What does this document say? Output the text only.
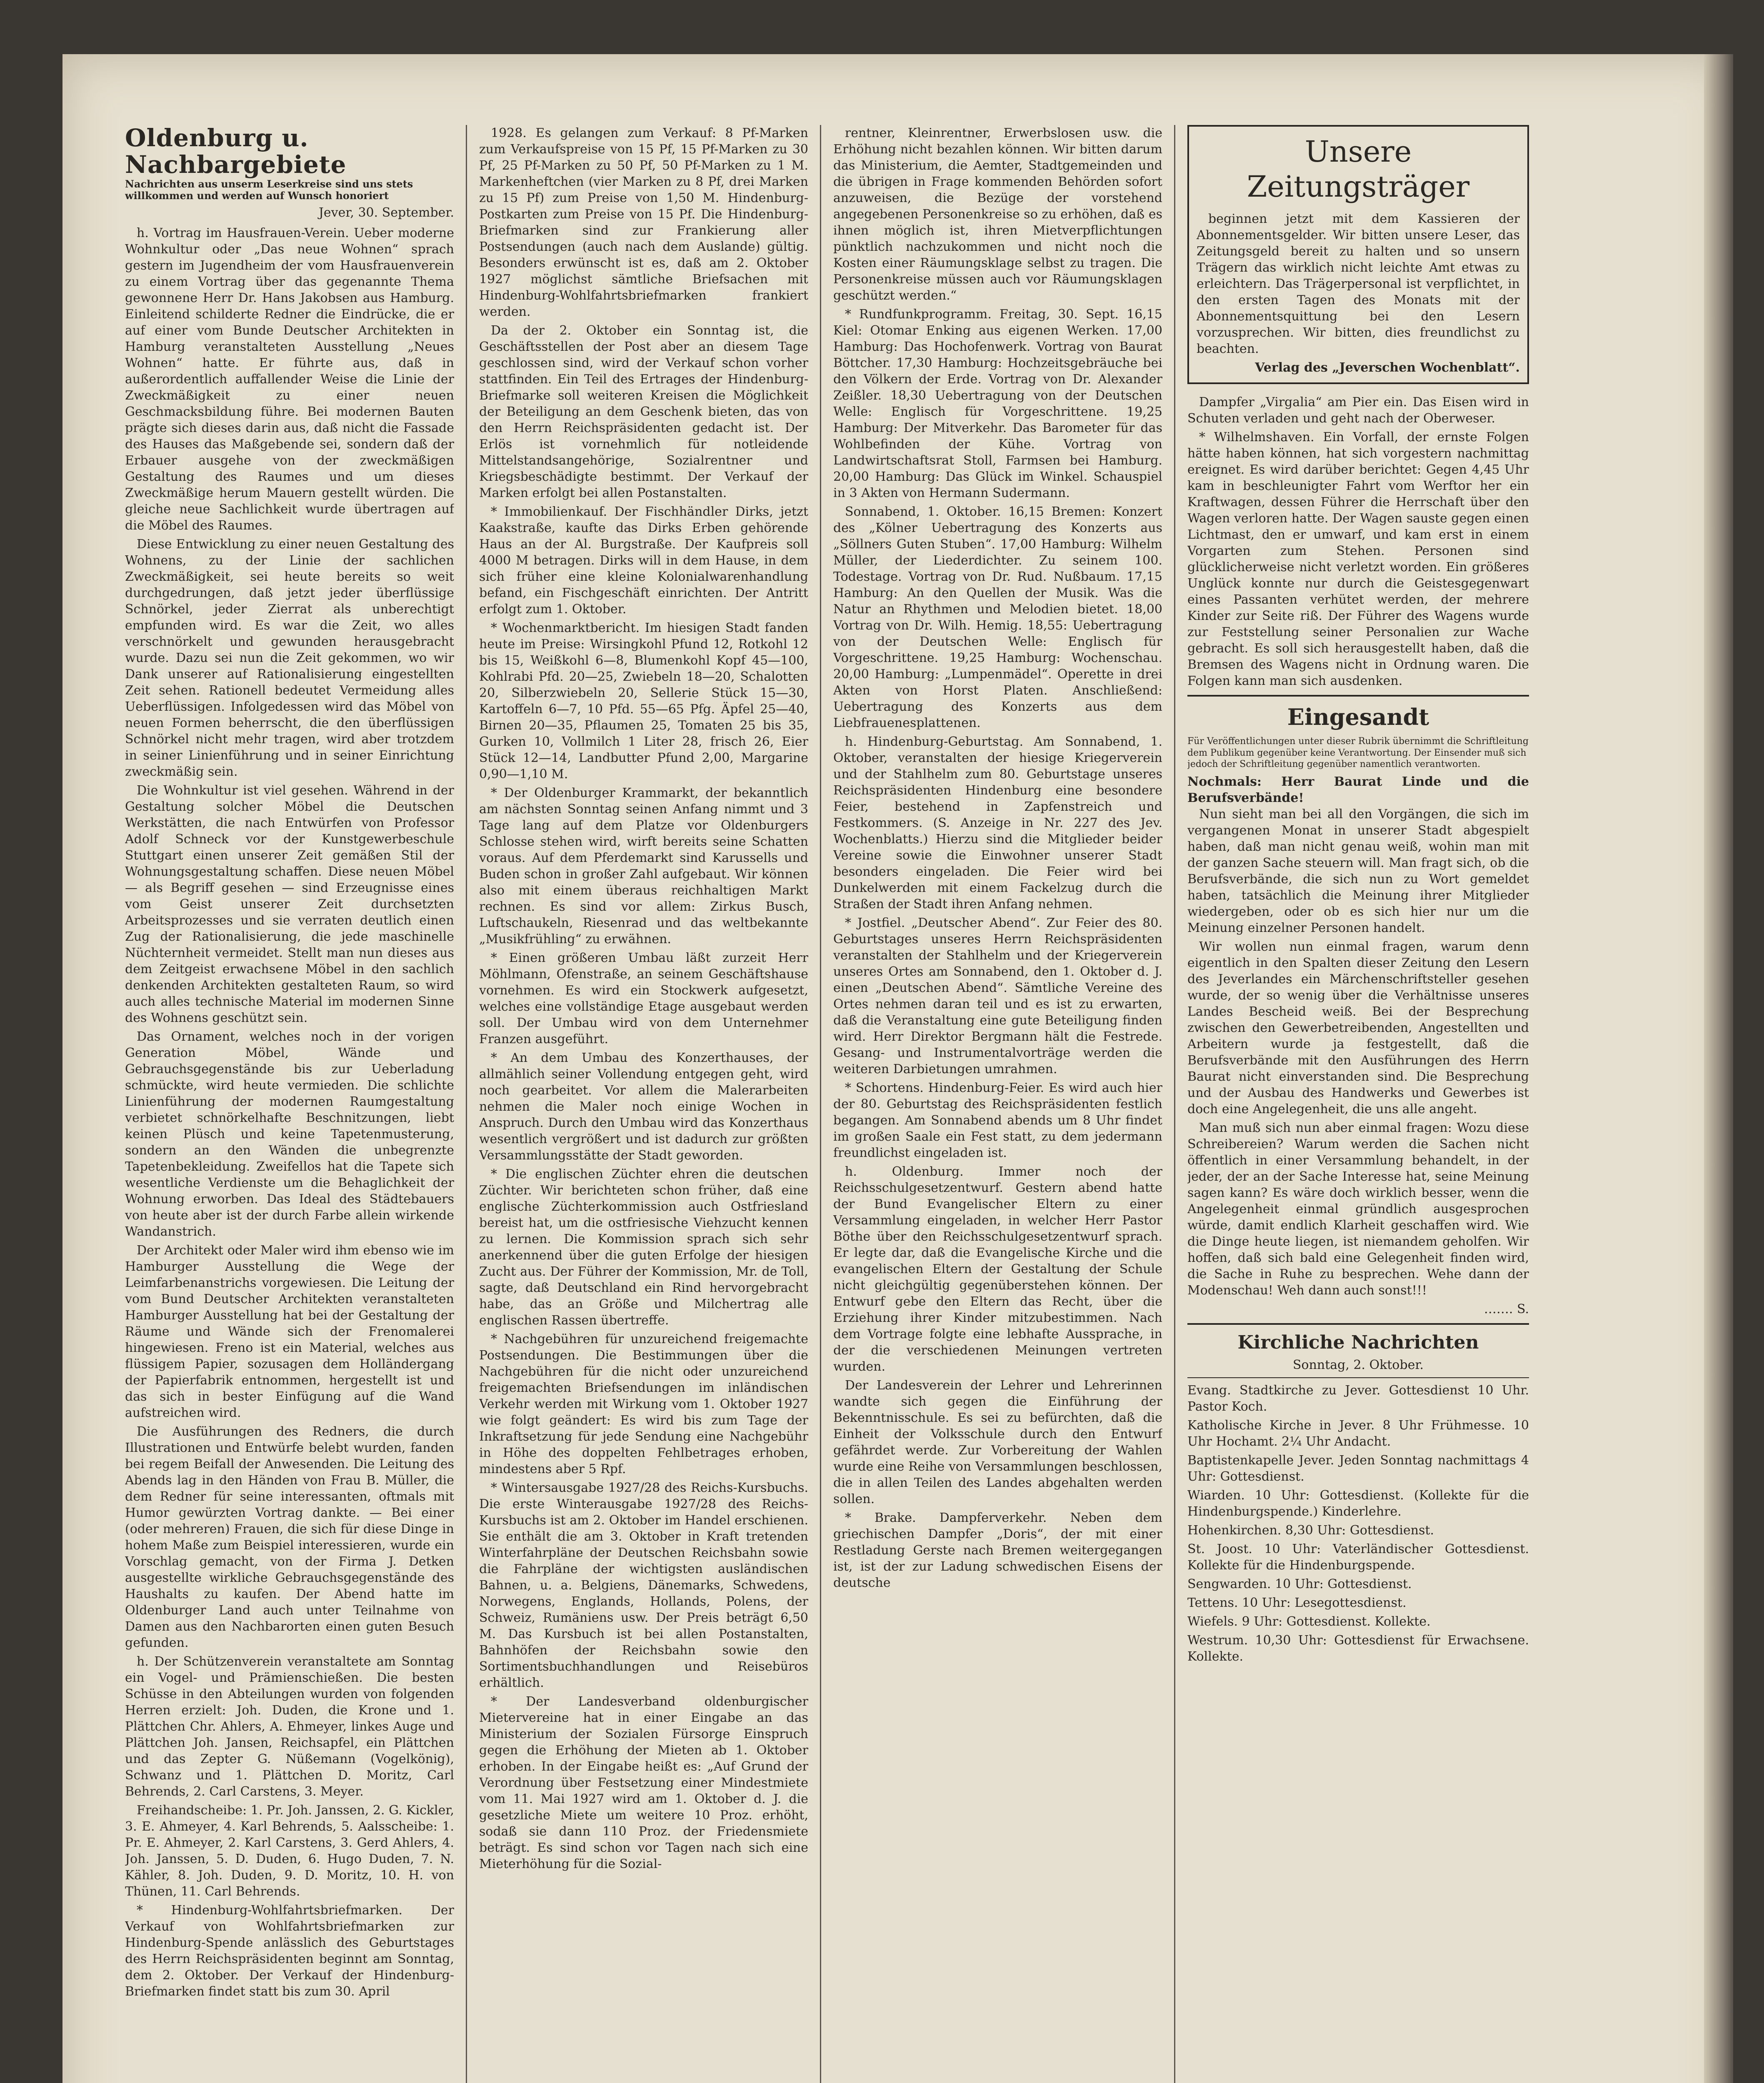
Oldenburg u. Nachbargebiete
Nachrichten aus unserm Leserkreise sind uns stets willkommen und werden auf Wunsch honoriert
Jever, 30. September.

h. Vortrag im Hausfrauen-Verein. Ueber moderne Wohnkultur oder „Das neue Wohnen“ sprach gestern im Jugendheim der vom Hausfrauenverein zu einem Vortrag über das gegenannte Thema gewonnene Herr Dr. Hans Jakobsen aus Hamburg. Einleitend schilderte Redner die Eindrücke, die er auf einer vom Bunde Deutscher Architekten in Hamburg veranstalteten Ausstellung „Neues Wohnen“ hatte. Er führte aus, daß in außerordentlich auffallender Weise die Linie der Zweckmäßigkeit zu einer neuen Geschmacksbildung führe. Bei modernen Bauten prägte sich dieses darin aus, daß nicht die Fassade des Hauses das Maßgebende sei, sondern daß der Erbauer ausgehe von der zweckmäßigen Gestaltung des Raumes und um dieses Zweckmäßige herum Mauern gestellt würden. Die gleiche neue Sachlichkeit wurde übertragen auf die Möbel des Raumes.

Diese Entwicklung zu einer neuen Gestaltung des Wohnens, zu der Linie der sachlichen Zweckmäßigkeit, sei heute bereits so weit durchgedrungen, daß jetzt jeder überflüssige Schnörkel, jeder Zierrat als unberechtigt empfunden wird. Es war die Zeit, wo alles verschnörkelt und gewunden herausgebracht wurde. Dazu sei nun die Zeit gekommen, wo wir Dank unserer auf Rationalisierung eingestellten Zeit sehen. Rationell bedeutet Vermeidung alles Ueberflüssigen. Infolgedessen wird das Möbel von neuen Formen beherrscht, die den überflüssigen Schnörkel nicht mehr tragen, wird aber trotzdem in seiner Linienführung und in seiner Einrichtung zweckmäßig sein.

Die Wohnkultur ist viel gesehen. Während in der Gestaltung solcher Möbel die Deutschen Werkstätten, die nach Entwürfen von Professor Adolf Schneck vor der Kunstgewerbeschule Stuttgart einen unserer Zeit gemäßen Stil der Wohnungsgestaltung schaffen. Diese neuen Möbel — als Begriff gesehen — sind Erzeugnisse eines vom Geist unserer Zeit durchsetzten Arbeitsprozesses und sie verraten deutlich einen Zug der Rationalisierung, die jede maschinelle Nüchternheit vermeidet. Stellt man nun dieses aus dem Zeitgeist erwachsene Möbel in den sachlich denkenden Architekten gestalteten Raum, so wird auch alles technische Material im modernen Sinne des Wohnens geschützt sein.

Das Ornament, welches noch in der vorigen Generation Möbel, Wände und Gebrauchsgegenstände bis zur Ueberladung schmückte, wird heute vermieden. Die schlichte Linienführung der modernen Raumgestaltung verbietet schnörkelhafte Beschnitzungen, liebt keinen Plüsch und keine Tapetenmusterung, sondern an den Wänden die unbegrenzte Tapetenbekleidung. Zweifellos hat die Tapete sich wesentliche Verdienste um die Behaglichkeit der Wohnung erworben. Das Ideal des Städtebauers von heute aber ist der durch Farbe allein wirkende Wandanstrich.

Der Architekt oder Maler wird ihm ebenso wie im Hamburger Ausstellung die Wege der Leimfarbenanstrichs vorgewiesen. Die Leitung der vom Bund Deutscher Architekten veranstalteten Hamburger Ausstellung hat bei der Gestaltung der Räume und Wände sich der Frenomalerei hingewiesen. Freno ist ein Material, welches aus flüssigem Papier, sozusagen dem Holländergang der Papierfabrik entnommen, hergestellt ist und das sich in bester Einfügung auf die Wand aufstreichen wird.

Die Ausführungen des Redners, die durch Illustrationen und Entwürfe belebt wurden, fanden bei regem Beifall der Anwesenden. Die Leitung des Abends lag in den Händen von Frau B. Müller, die dem Redner für seine interessanten, oftmals mit Humor gewürzten Vortrag dankte. — Bei einer (oder mehreren) Frauen, die sich für diese Dinge in hohem Maße zum Beispiel interessieren, wurde ein Vorschlag gemacht, von der Firma J. Detken ausgestellte wirkliche Gebrauchsgegenstände des Haushalts zu kaufen. Der Abend hatte im Oldenburger Land auch unter Teilnahme von Damen aus den Nachbarorten einen guten Besuch gefunden.

h. Der Schützenverein veranstaltete am Sonntag ein Vogel- und Prämienschießen. Die besten Schüsse in den Abteilungen wurden von folgenden Herren erzielt: Joh. Duden, die Krone und 1. Plättchen Chr. Ahlers, A. Ehmeyer, linkes Auge und Plättchen Joh. Jansen, Reichsapfel, ein Plättchen und das Zepter G. Nüßemann (Vogelkönig), Schwanz und 1. Plättchen D. Moritz, Carl Behrends, 2. Carl Carstens, 3. Meyer.

Freihandscheibe: 1. Pr. Joh. Janssen, 2. G. Kickler, 3. E. Ahmeyer, 4. Karl Behrends, 5. Aalsscheibe: 1. Pr. E. Ahmeyer, 2. Karl Carstens, 3. Gerd Ahlers, 4. Joh. Janssen, 5. D. Duden, 6. Hugo Duden, 7. N. Kähler, 8. Joh. Duden, 9. D. Moritz, 10. H. von Thünen, 11. Carl Behrends.

* Hindenburg-Wohlfahrtsbriefmarken. Der Verkauf von Wohlfahrtsbriefmarken zur Hindenburg-Spende anlässlich des Geburtstages des Herrn Reichspräsidenten beginnt am Sonntag, dem 2. Oktober. Der Verkauf der Hindenburg-Briefmarken findet statt bis zum 30. April

1928. Es gelangen zum Verkauf: 8 Pf-Marken zum Verkaufspreise von 15 Pf, 15 Pf-Marken zu 30 Pf, 25 Pf-Marken zu 50 Pf, 50 Pf-Marken zu 1 M. Markenheftchen (vier Marken zu 8 Pf, drei Marken zu 15 Pf) zum Preise von 1,50 M. Hindenburg-Postkarten zum Preise von 15 Pf. Die Hindenburg-Briefmarken sind zur Frankierung aller Postsendungen (auch nach dem Auslande) gültig. Besonders erwünscht ist es, daß am 2. Oktober 1927 möglichst sämtliche Briefsachen mit Hindenburg-Wohlfahrtsbriefmarken frankiert werden.

Da der 2. Oktober ein Sonntag ist, die Geschäftsstellen der Post aber an diesem Tage geschlossen sind, wird der Verkauf schon vorher stattfinden. Ein Teil des Ertrages der Hindenburg-Briefmarke soll weiteren Kreisen die Möglichkeit der Beteiligung an dem Geschenk bieten, das von den Herrn Reichspräsidenten gedacht ist. Der Erlös ist vornehmlich für notleidende Mittelstandsangehörige, Sozialrentner und Kriegsbeschädigte bestimmt. Der Verkauf der Marken erfolgt bei allen Postanstalten.

* Immobilienkauf. Der Fischhändler Dirks, jetzt Kaakstraße, kaufte das Dirks Erben gehörende Haus an der Al. Burgstraße. Der Kaufpreis soll 4000 M betragen. Dirks will in dem Hause, in dem sich früher eine kleine Kolonialwarenhandlung befand, ein Fischgeschäft einrichten. Der Antritt erfolgt zum 1. Oktober.

* Wochenmarktbericht. Im hiesigen Stadt fanden heute im Preise: Wirsingkohl Pfund 12, Rotkohl 12 bis 15, Weißkohl 6—8, Blumenkohl Kopf 45—100, Kohlrabi Pfd. 20—25, Zwiebeln 18—20, Schalotten 20, Silberzwiebeln 20, Sellerie Stück 15—30, Kartoffeln 6—7, 10 Pfd. 55—65 Pfg. Äpfel 25—40, Birnen 20—35, Pflaumen 25, Tomaten 25 bis 35, Gurken 10, Vollmilch 1 Liter 28, frisch 26, Eier Stück 12—14, Landbutter Pfund 2,00, Margarine 0,90—1,10 M.

* Der Oldenburger Krammarkt, der bekanntlich am nächsten Sonntag seinen Anfang nimmt und 3 Tage lang auf dem Platze vor Oldenburgers Schlosse stehen wird, wirft bereits seine Schatten voraus. Auf dem Pferdemarkt sind Karussells und Buden schon in großer Zahl aufgebaut. Wir können also mit einem überaus reichhaltigen Markt rechnen. Es sind vor allem: Zirkus Busch, Luftschaukeln, Riesenrad und das weltbekannte „Musikfrühling“ zu erwähnen.

* Einen größeren Umbau läßt zurzeit Herr Möhlmann, Ofenstraße, an seinem Geschäftshause vornehmen. Es wird ein Stockwerk aufgesetzt, welches eine vollständige Etage ausgebaut werden soll. Der Umbau wird von dem Unternehmer Franzen ausgeführt.

* An dem Umbau des Konzerthauses, der allmählich seiner Vollendung entgegen geht, wird noch gearbeitet. Vor allem die Malerarbeiten nehmen die Maler noch einige Wochen in Anspruch. Durch den Umbau wird das Konzerthaus wesentlich vergrößert und ist dadurch zur größten Versammlungsstätte der Stadt geworden.

* Die englischen Züchter ehren die deutschen Züchter. Wir berichteten schon früher, daß eine englische Züchterkommission auch Ostfriesland bereist hat, um die ostfriesische Viehzucht kennen zu lernen. Die Kommission sprach sich sehr anerkennend über die guten Erfolge der hiesigen Zucht aus. Der Führer der Kommission, Mr. de Toll, sagte, daß Deutschland ein Rind hervorgebracht habe, das an Größe und Milchertrag alle englischen Rassen übertreffe.

* Nachgebühren für unzureichend freigemachte Postsendungen. Die Bestimmungen über die Nachgebühren für die nicht oder unzureichend freigemachten Briefsendungen im inländischen Verkehr werden mit Wirkung vom 1. Oktober 1927 wie folgt geändert: Es wird bis zum Tage der Inkraftsetzung für jede Sendung eine Nachgebühr in Höhe des doppelten Fehlbetrages erhoben, mindestens aber 5 Rpf.

* Wintersausgabe 1927/28 des Reichs-Kursbuchs. Die erste Winterausgabe 1927/28 des Reichs-Kursbuchs ist am 2. Oktober im Handel erschienen. Sie enthält die am 3. Oktober in Kraft tretenden Winterfahrpläne der Deutschen Reichsbahn sowie die Fahrpläne der wichtigsten ausländischen Bahnen, u. a. Belgiens, Dänemarks, Schwedens, Norwegens, Englands, Hollands, Polens, der Schweiz, Rumäniens usw. Der Preis beträgt 6,50 M. Das Kursbuch ist bei allen Postanstalten, Bahnhöfen der Reichsbahn sowie den Sortimentsbuchhandlungen und Reisebüros erhältlich.

* Der Landesverband oldenburgischer Mietervereine hat in einer Eingabe an das Ministerium der Sozialen Fürsorge Einspruch gegen die Erhöhung der Mieten ab 1. Oktober erhoben. In der Eingabe heißt es: „Auf Grund der Verordnung über Festsetzung einer Mindestmiete vom 11. Mai 1927 wird am 1. Oktober d. J. die gesetzliche Miete um weitere 10 Proz. erhöht, sodaß sie dann 110 Proz. der Friedensmiete beträgt. Es sind schon vor Tagen nach sich eine Mieterhöhung für die Sozial-

rentner, Kleinrentner, Erwerbslosen usw. die Erhöhung nicht bezahlen können. Wir bitten darum das Ministerium, die Aemter, Stadtgemeinden und die übrigen in Frage kommenden Behörden sofort anzuweisen, die Bezüge der vorstehend angegebenen Personenkreise so zu erhöhen, daß es ihnen möglich ist, ihren Mietverpflichtungen pünktlich nachzukommen und nicht noch die Kosten einer Räumungsklage selbst zu tragen. Die Personenkreise müssen auch vor Räumungsklagen geschützt werden.“

* Rundfunkprogramm. Freitag, 30. Sept. 16,15 Kiel: Otomar Enking aus eigenen Werken. 17,00 Hamburg: Das Hochofenwerk. Vortrag von Baurat Böttcher. 17,30 Hamburg: Hochzeitsgebräuche bei den Völkern der Erde. Vortrag von Dr. Alexander Zeißler. 18,30 Uebertragung von der Deutschen Welle: Englisch für Vorgeschrittene. 19,25 Hamburg: Der Mitverkehr. Das Barometer für das Wohlbefinden der Kühe. Vortrag von Landwirtschaftsrat Stoll, Farmsen bei Hamburg. 20,00 Hamburg: Das Glück im Winkel. Schauspiel in 3 Akten von Hermann Sudermann.

Sonnabend, 1. Oktober. 16,15 Bremen: Konzert des „Kölner Uebertragung des Konzerts aus „Söllners Guten Stuben“. 17,00 Hamburg: Wilhelm Müller, der Liederdichter. Zu seinem 100. Todestage. Vortrag von Dr. Rud. Nußbaum. 17,15 Hamburg: An den Quellen der Musik. Was die Natur an Rhythmen und Melodien bietet. 18,00 Vortrag von Dr. Wilh. Hemig. 18,55: Uebertragung von der Deutschen Welle: Englisch für Vorgeschrittene. 19,25 Hamburg: Wochenschau. 20,00 Hamburg: „Lumpenmädel“. Operette in drei Akten von Horst Platen. Anschließend: Uebertragung des Konzerts aus dem Liebfrauenesplattenen.

h. Hindenburg-Geburtstag. Am Sonnabend, 1. Oktober, veranstalten der hiesige Kriegerverein und der Stahlhelm zum 80. Geburtstage unseres Reichspräsidenten Hindenburg eine besondere Feier, bestehend in Zapfenstreich und Festkommers. (S. Anzeige in Nr. 227 des Jev. Wochenblatts.) Hierzu sind die Mitglieder beider Vereine sowie die Einwohner unserer Stadt besonders eingeladen. Die Feier wird bei Dunkelwerden mit einem Fackelzug durch die Straßen der Stadt ihren Anfang nehmen.

* Jostfiel. „Deutscher Abend“. Zur Feier des 80. Geburtstages unseres Herrn Reichspräsidenten veranstalten der Stahlhelm und der Kriegerverein unseres Ortes am Sonnabend, den 1. Oktober d. J. einen „Deutschen Abend“. Sämtliche Vereine des Ortes nehmen daran teil und es ist zu erwarten, daß die Veranstaltung eine gute Beteiligung finden wird. Herr Direktor Bergmann hält die Festrede. Gesang- und Instrumentalvorträge werden die weiteren Darbietungen umrahmen.

* Schortens. Hindenburg-Feier. Es wird auch hier der 80. Geburtstag des Reichspräsidenten festlich begangen. Am Sonnabend abends um 8 Uhr findet im großen Saale ein Fest statt, zu dem jedermann freundlichst eingeladen ist.

h. Oldenburg. Immer noch der Reichsschulgesetzentwurf. Gestern abend hatte der Bund Evangelischer Eltern zu einer Versammlung eingeladen, in welcher Herr Pastor Böthe über den Reichsschulgesetzentwurf sprach. Er legte dar, daß die Evangelische Kirche und die evangelischen Eltern der Gestaltung der Schule nicht gleichgültig gegenüberstehen können. Der Entwurf gebe den Eltern das Recht, über die Erziehung ihrer Kinder mitzubestimmen. Nach dem Vortrage folgte eine lebhafte Aussprache, in der die verschiedenen Meinungen vertreten wurden.

Der Landesverein der Lehrer und Lehrerinnen wandte sich gegen die Einführung der Bekenntnisschule. Es sei zu befürchten, daß die Einheit der Volksschule durch den Entwurf gefährdet werde. Zur Vorbereitung der Wahlen wurde eine Reihe von Versammlungen beschlossen, die in allen Teilen des Landes abgehalten werden sollen.

* Brake. Dampferverkehr. Neben dem griechischen Dampfer „Doris“, der mit einer Restladung Gerste nach Bremen weitergegangen ist, ist der zur Ladung schwedischen Eisens der deutsche

Unsere Zeitungsträger

beginnen jetzt mit dem Kassieren der Abonnementsgelder. Wir bitten unsere Leser, das Zeitungsgeld bereit zu halten und so unsern Trägern das wirklich nicht leichte Amt etwas zu erleichtern. Das Trägerpersonal ist verpflichtet, in den ersten Tagen des Monats mit der Abonnementsquittung bei den Lesern vorzusprechen. Wir bitten, dies freundlichst zu beachten.

Verlag des „Jeverschen Wochenblatt“.

Dampfer „Virgalia“ am Pier ein. Das Eisen wird in Schuten verladen und geht nach der Oberweser.

* Wilhelmshaven. Ein Vorfall, der ernste Folgen hätte haben können, hat sich vorgestern nachmittag ereignet. Es wird darüber berichtet: Gegen 4,45 Uhr kam in beschleunigter Fahrt vom Werftor her ein Kraftwagen, dessen Führer die Herrschaft über den Wagen verloren hatte. Der Wagen sauste gegen einen Lichtmast, den er umwarf, und kam erst in einem Vorgarten zum Stehen. Personen sind glücklicherweise nicht verletzt worden. Ein größeres Unglück konnte nur durch die Geistesgegenwart eines Passanten verhütet werden, der mehrere Kinder zur Seite riß. Der Führer des Wagens wurde zur Feststellung seiner Personalien zur Wache gebracht. Es soll sich herausgestellt haben, daß die Bremsen des Wagens nicht in Ordnung waren. Die Folgen kann man sich ausdenken.

Eingesandt
Für Veröffentlichungen unter dieser Rubrik übernimmt die Schriftleitung dem Publikum gegenüber keine Verantwortung. Der Einsender muß sich jedoch der Schriftleitung gegenüber namentlich verantworten.
Nochmals: Herr Baurat Linde und die Berufsverbände!

Nun sieht man bei all den Vorgängen, die sich im vergangenen Monat in unserer Stadt abgespielt haben, daß man nicht genau weiß, wohin man mit der ganzen Sache steuern will. Man fragt sich, ob die Berufsverbände, die sich nun zu Wort gemeldet haben, tatsächlich die Meinung ihrer Mitglieder wiedergeben, oder ob es sich hier nur um die Meinung einzelner Personen handelt.

Wir wollen nun einmal fragen, warum denn eigentlich in den Spalten dieser Zeitung den Lesern des Jeverlandes ein Märchenschriftsteller gesehen wurde, der so wenig über die Verhältnisse unseres Landes Bescheid weiß. Bei der Besprechung zwischen den Gewerbetreibenden, Angestellten und Arbeitern wurde ja festgestellt, daß die Berufsverbände mit den Ausführungen des Herrn Baurat nicht einverstanden sind. Die Besprechung und der Ausbau des Handwerks und Gewerbes ist doch eine Angelegenheit, die uns alle angeht.

Man muß sich nun aber einmal fragen: Wozu diese Schreibereien? Warum werden die Sachen nicht öffentlich in einer Versammlung behandelt, in der jeder, der an der Sache Interesse hat, seine Meinung sagen kann? Es wäre doch wirklich besser, wenn die Angelegenheit einmal gründlich ausgesprochen würde, damit endlich Klarheit geschaffen wird. Wie die Dinge heute liegen, ist niemandem geholfen. Wir hoffen, daß sich bald eine Gelegenheit finden wird, die Sache in Ruhe zu besprechen. Wehe dann der Modenschau! Weh dann auch sonst!!!

……. S.
Kirchliche Nachrichten
Sonntag, 2. Oktober.

Evang. Stadtkirche zu Jever. Gottesdienst 10 Uhr. Pastor Koch.

Katholische Kirche in Jever. 8 Uhr Frühmesse. 10 Uhr Hochamt. 2¼ Uhr Andacht.

Baptistenkapelle Jever. Jeden Sonntag nachmittags 4 Uhr: Gottesdienst.

Wiarden. 10 Uhr: Gottesdienst. (Kollekte für die Hindenburgspende.) Kinderlehre.

Hohenkirchen. 8,30 Uhr: Gottesdienst.

St. Joost. 10 Uhr: Vaterländischer Gottesdienst. Kollekte für die Hindenburgspende.

Sengwarden. 10 Uhr: Gottesdienst.

Tettens. 10 Uhr: Lesegottesdienst.

Wiefels. 9 Uhr: Gottesdienst. Kollekte.

Westrum. 10,30 Uhr: Gottesdienst für Erwachsene. Kollekte.
